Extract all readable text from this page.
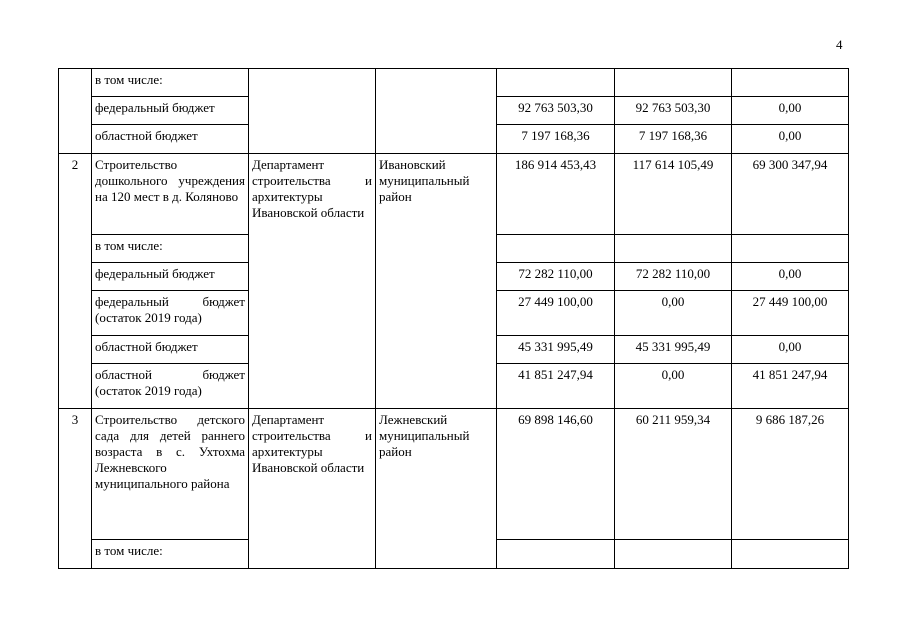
4
	в том числе:					
	федеральный бюджет			92 763 503,30	92 763 503,30	0,00
	областной бюджет			7 197 168,36	7 197 168,36	0,00
2	Строительство дошкольного учреждения на 120 мест в д. Коляново	Департамент строительства и архитектуры Ивановской области	Ивановский муниципальный район	186 914 453,43	117 614 105,49	69 300 347,94
	в том числе:					
	федеральный бюджет			72 282 110,00	72 282 110,00	0,00
	федеральный бюджет (остаток 2019 года)			27 449 100,00	0,00	27 449 100,00
	областной бюджет			45 331 995,49	45 331 995,49	0,00
	областной бюджет (остаток 2019 года)			41 851 247,94	0,00	41 851 247,94
3	Строительство детского сада для детей раннего возраста в с. Ухтохма Лежневского муниципального района	Департамент строительства и архитектуры Ивановской области	Лежневский муниципальный район	69 898 146,60	60 211 959,34	9 686 187,26
	в том числе:					
